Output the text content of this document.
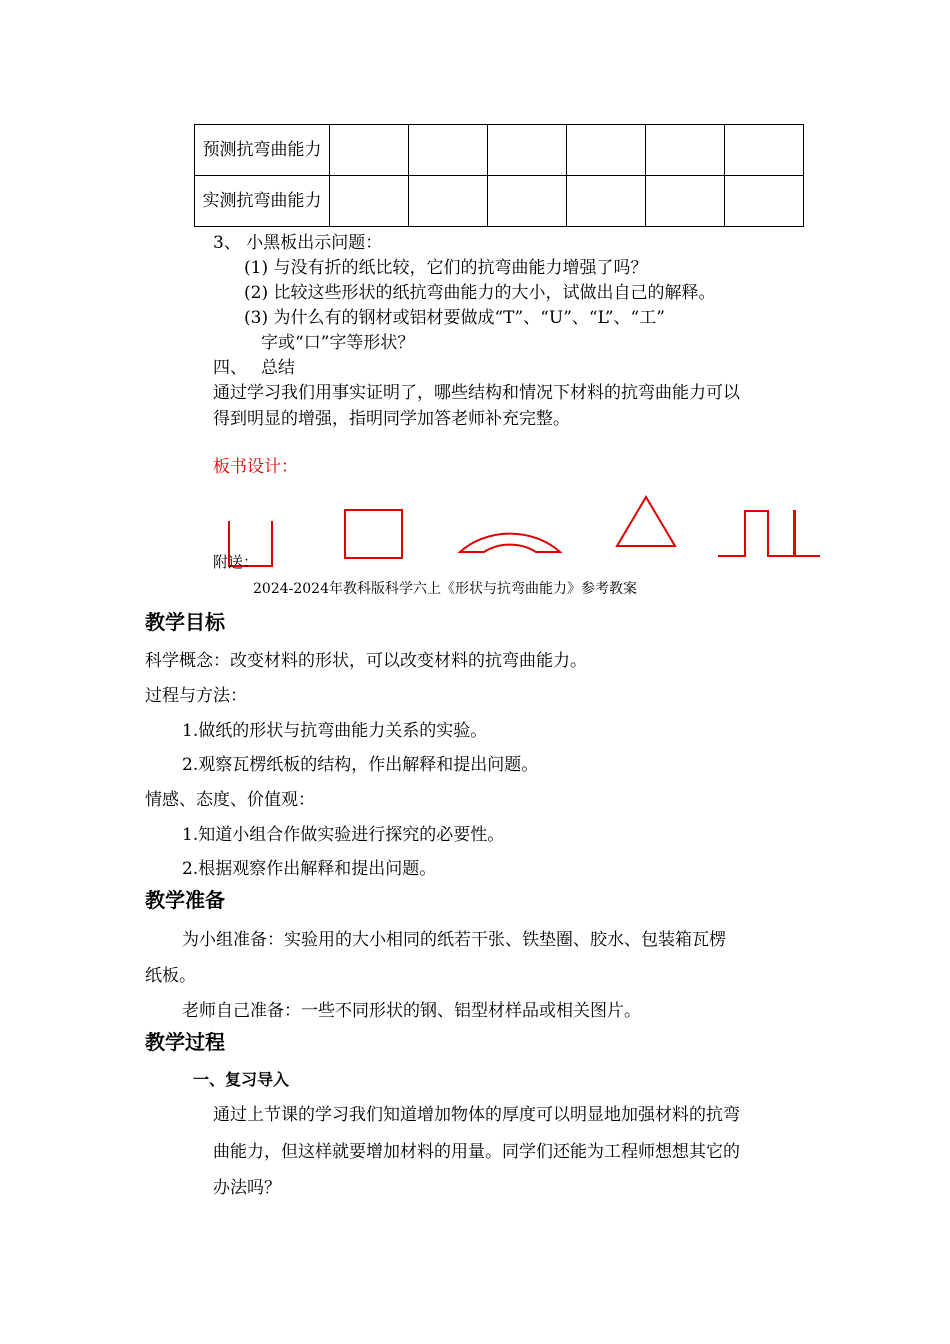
预测抗弯曲能力						
实测抗弯曲能力						
3、 小黑板出示问题：
(1) 与没有折的纸比较，它们的抗弯曲能力增强了吗？
(2) 比较这些形状的纸抗弯曲能力的大小，试做出自己的解释。
(3) 为什么有的钢材或铝材要做成“T”、“U”、“L”、“工”
字或“口”字等形状？
四、　 总结
通过学习我们用事实证明了，哪些结构和情况下材料的抗弯曲能力可以
得到明显的增强，指明同学加答老师补充完整。
板书设计：
附送：
2024-2024年教科版科学六上《形状与抗弯曲能力》参考教案
教学目标
科学概念：改变材料的形状，可以改变材料的抗弯曲能力。
过程与方法：
1.做纸的形状与抗弯曲能力关系的实验。
2.观察瓦楞纸板的结构，作出解释和提出问题。
情感、态度、价值观：
1.知道小组合作做实验进行探究的必要性。
2.根据观察作出解释和提出问题。
教学准备
为小组准备：实验用的大小相同的纸若干张、铁垫圈、胶水、包装箱瓦楞
纸板。
老师自己准备：一些不同形状的钢、铝型材样品或相关图片。
教学过程
一、复习导入
通过上节课的学习我们知道增加物体的厚度可以明显地加强材料的抗弯
曲能力，但这样就要增加材料的用量。同学们还能为工程师想想其它的
办法吗？
